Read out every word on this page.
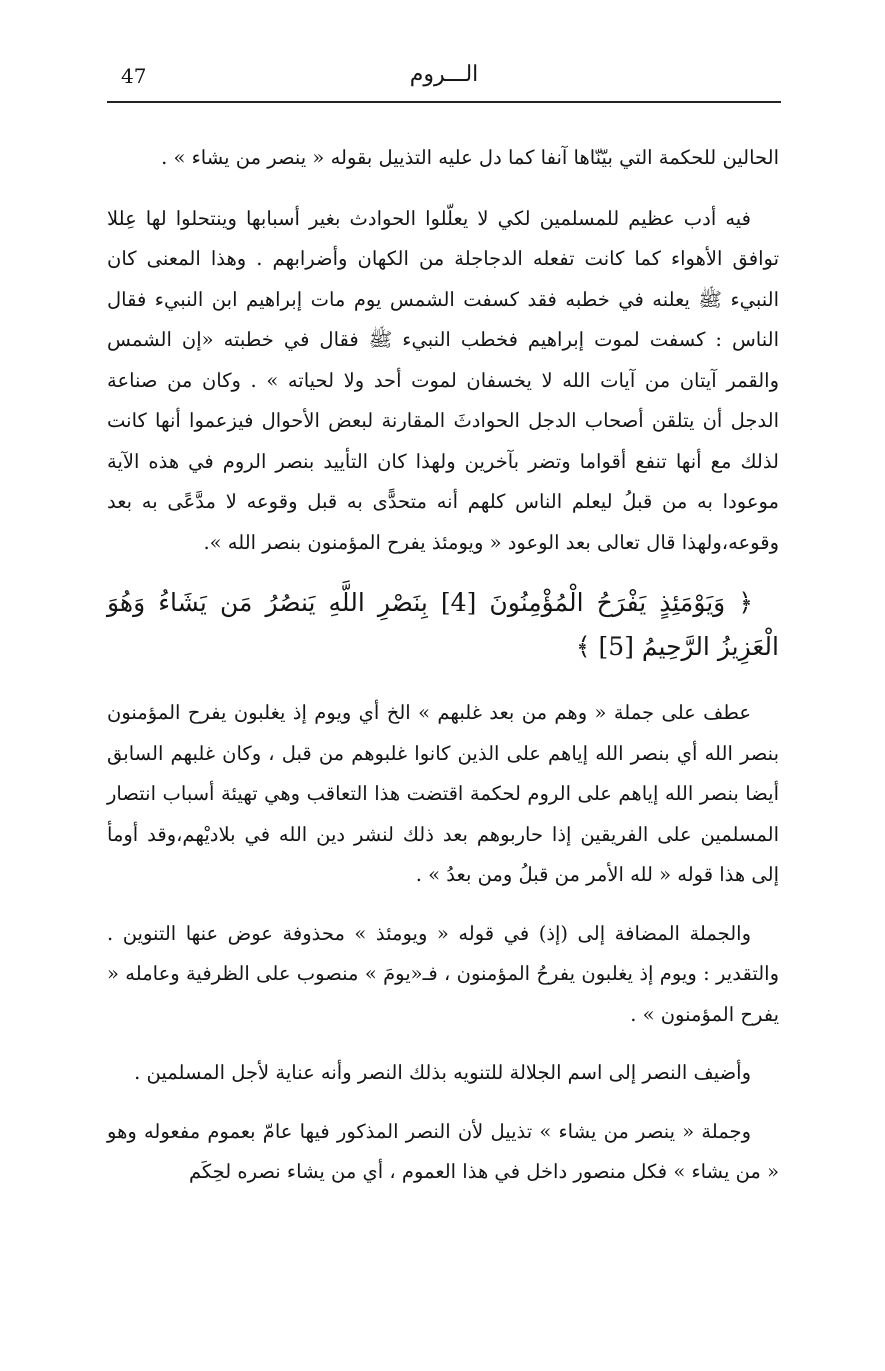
47	الـــروم

الحالين للحكمة التي بيّنّاها آنفا كما دل عليه التذييل بقوله « ينصر من يشاء » .

فيه أدب عظيم للمسلمين لكي لا يعلّلوا الحوادث بغير أسبابها وينتحلوا لها عِللا توافق الأهواء كما كانت تفعله الدجاجلة من الكهان وأضرابهم . وهذا المعنى كان النبيء ﷺ يعلنه في خطبه فقد كسفت الشمس يوم مات إبراهيم ابن النبيء فقال الناس : كسفت لموت إبراهيم فخطب النبيء ﷺ فقال في خطبته «إن الشمس والقمر آيتان من آيات الله لا يخسفان لموت أحد ولا لحياته » . وكان من صناعة الدجل أن يتلقن أصحاب الدجل الحوادثَ المقارنة لبعض الأحوال فيزعموا أنها كانت لذلك مع أنها تنفع أقواما وتضر بآخرين ولهذا كان التأييد بنصر الروم في هذه الآية موعودا به من قبلُ ليعلم الناس كلهم أنه متحدًّى به قبل وقوعه لا مدَّعًى به بعد وقوعه،ولهذا قال تعالى بعد الوعود « ويومئذ يفرح المؤمنون بنصر الله ».

﴿ وَيَوْمَئِذٍ يَفْرَحُ الْمُؤْمِنُونَ [4] بِنَصْرِ اللَّهِ يَنصُرُ مَن يَشَاءُ وَهُوَ الْعَزِيزُ الرَّحِيمُ [5] ﴾

عطف على جملة « وهم من بعد غلبهم » الخ أي ويوم إذ يغلبون يفرح المؤمنون بنصر الله أي بنصر الله إياهم على الذين كانوا غلبوهم من قبل ، وكان غلبهم السابق أيضا بنصر الله إياهم على الروم لحكمة اقتضت هذا التعاقب وهي تهيئة أسباب انتصار المسلمين على الفريقين إذا حاربوهم بعد ذلك لنشر دين الله في بلاديْهم،وقد أومأ إلى هذا قوله « لله الأمر من قبلُ ومن بعدُ » .

والجملة المضافة إلى (إذ) في قوله « ويومئذ » محذوفة عوض عنها التنوين . والتقدير : ويوم إذ يغلبون يفرحُ المؤمنون ، فـ«يومَ » منصوب على الظرفية وعامله « يفرح المؤمنون » .

وأضيف النصر إلى اسم الجلالة للتنويه بذلك النصر وأنه عناية لأجل المسلمين .

وجملة « ينصر من يشاء » تذييل لأن النصر المذكور فيها عامّ بعموم مفعوله وهو « من يشاء » فكل منصور داخل في هذا العموم ، أي من يشاء نصره لحِكَم
